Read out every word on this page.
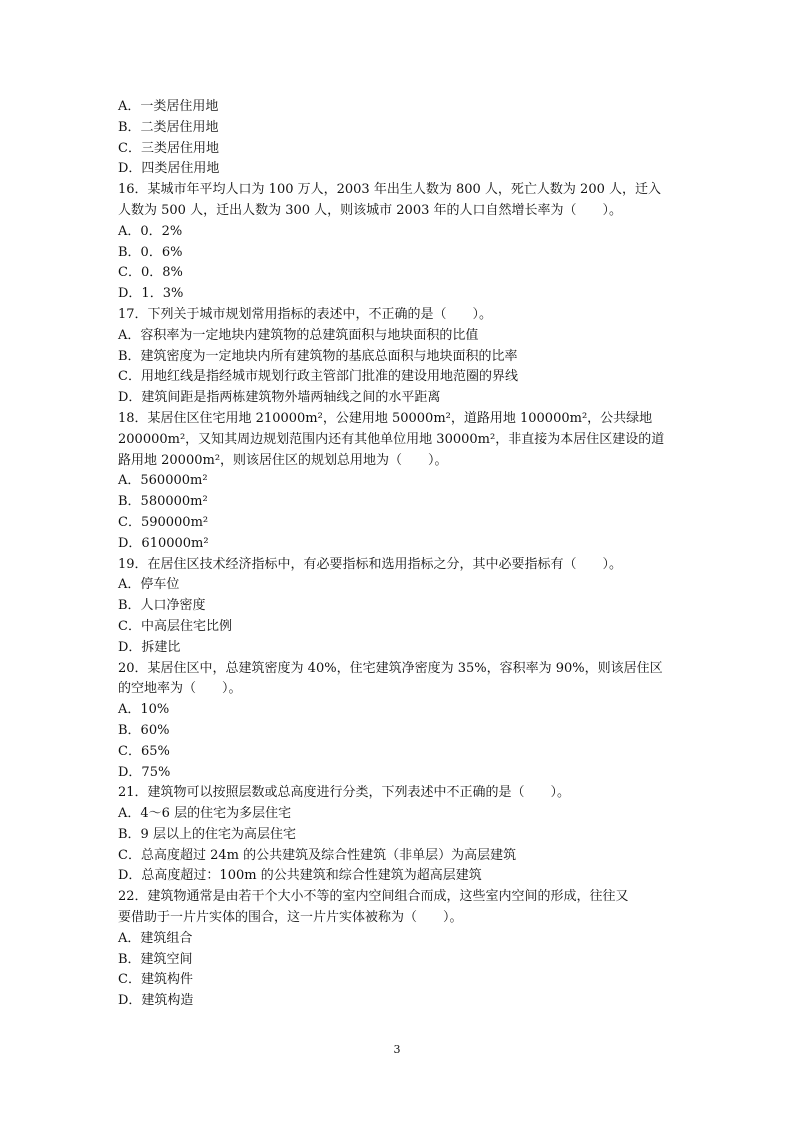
A．一类居住用地
B．二类居住用地
C．三类居住用地
D．四类居住用地
16．某城市年平均人口为 100 万人，2003 年出生人数为 800 人，死亡人数为 200 人，迁入
人数为 500 人，迁出人数为 300 人，则该城市 2003 年的人口自然增长率为（　　）。
A．0．2%
B．0．6%
C．0．8%
D．1．3%
17．下列关于城市规划常用指标的表述中，不正确的是（　　）。
A．容积率为一定地块内建筑物的总建筑面积与地块面积的比值
B．建筑密度为一定地块内所有建筑物的基底总面积与地块面积的比率
C．用地红线是指经城市规划行政主管部门批准的建设用地范圈的界线
D．建筑间距是指两栋建筑物外墙两轴线之间的水平距离
18．某居住区住宅用地 210000m²，公建用地 50000m²，道路用地 100000m²，公共绿地
200000m²，又知其周边规划范围内还有其他单位用地 30000m²，非直接为本居住区建设的道
路用地 20000m²，则该居住区的规划总用地为（　　）。
A．560000m²
B．580000m²
C．590000m²
D．610000m²
19．在居住区技术经济指标中，有必要指标和选用指标之分，其中必要指标有（　　）。
A．停车位
B．人口净密度
C．中高层住宅比例
D．拆建比
20．某居住区中，总建筑密度为 40%，住宅建筑净密度为 35%，容积率为 90%，则该居住区
的空地率为（　　）。
A．10%
B．60%
C．65%
D．75%
21．建筑物可以按照层数或总高度进行分类，下列表述中不正确的是（　　）。
A．4～6 层的住宅为多层住宅
B．9 层以上的住宅为高层住宅
C．总高度超过 24m 的公共建筑及综合性建筑（非单层）为高层建筑
D．总高度超过：100m 的公共建筑和综合性建筑为超高层建筑
22．建筑物通常是由若干个大小不等的室内空间组合而成，这些室内空间的形成，往往又
要借助于一片片实体的围合，这一片片实体被称为（　　）。
A．建筑组合
B．建筑空间
C．建筑构件
D．建筑构造
3
